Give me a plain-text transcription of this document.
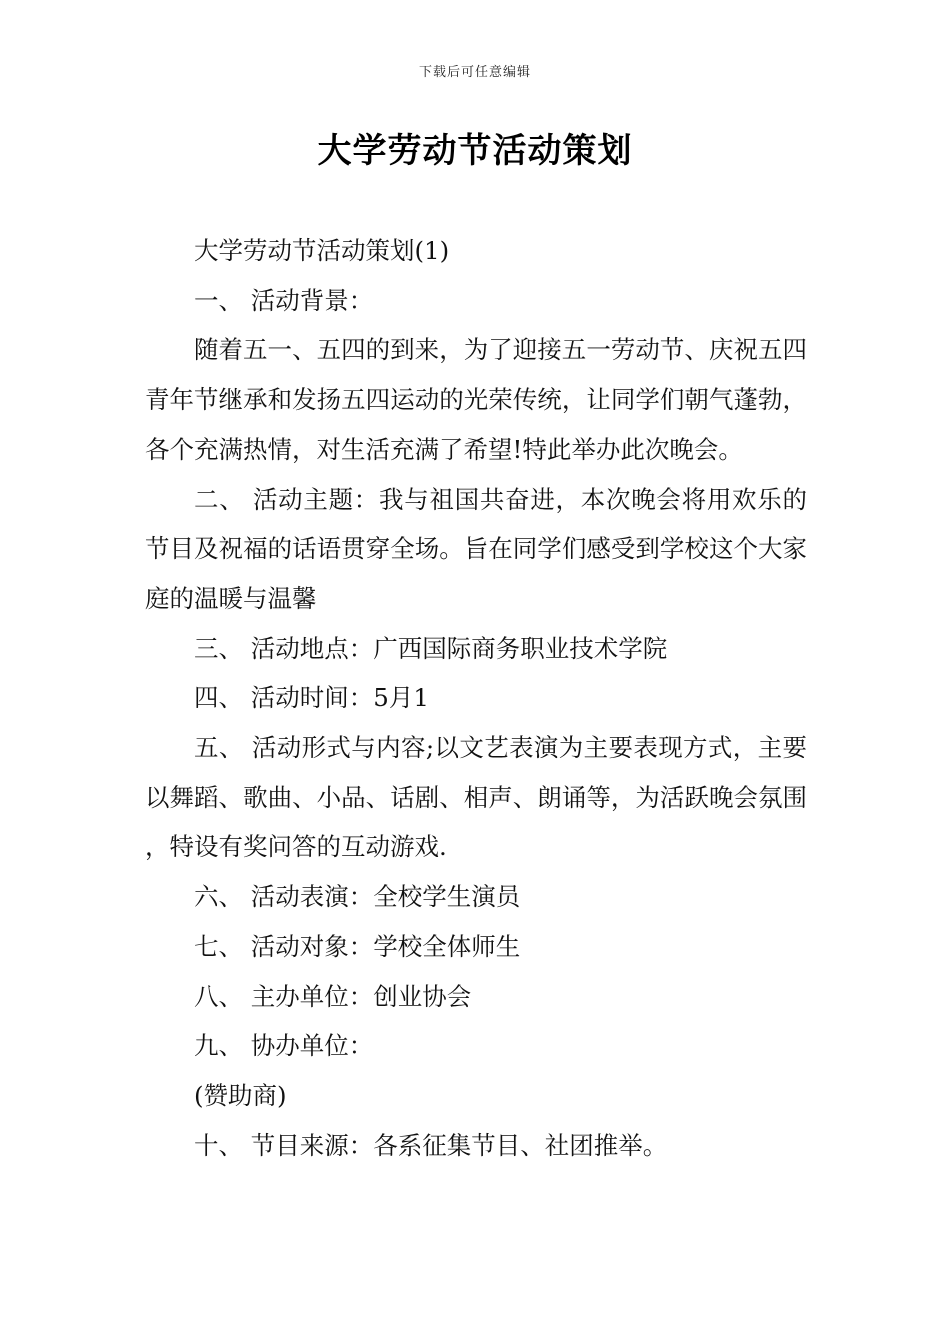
下载后可任意编辑
大学劳动节活动策划

大学劳动节活动策划(1)

一、 活动背景：

随着五一、五四的到来，为了迎接五一劳动节、庆祝五四青年节继承和发扬五四运动的光荣传统，让同学们朝气蓬勃，各个充满热情，对生活充满了希望!特此举办此次晚会。

二、 活动主题：我与祖国共奋进，本次晚会将用欢乐的节目及祝福的话语贯穿全场。旨在同学们感受到学校这个大家庭的温暖与温馨

三、 活动地点：广西国际商务职业技术学院

四、 活动时间：5月1

五、 活动形式与内容;以文艺表演为主要表现方式，主要以舞蹈、歌曲、小品、话剧、相声、朗诵等，为活跃晚会氛围，特设有奖问答的互动游戏.

六、 活动表演：全校学生演员

七、 活动对象：学校全体师生

八、 主办单位：创业协会

九、 协办单位：

(赞助商)

十、 节目来源：各系征集节目、社团推举。
